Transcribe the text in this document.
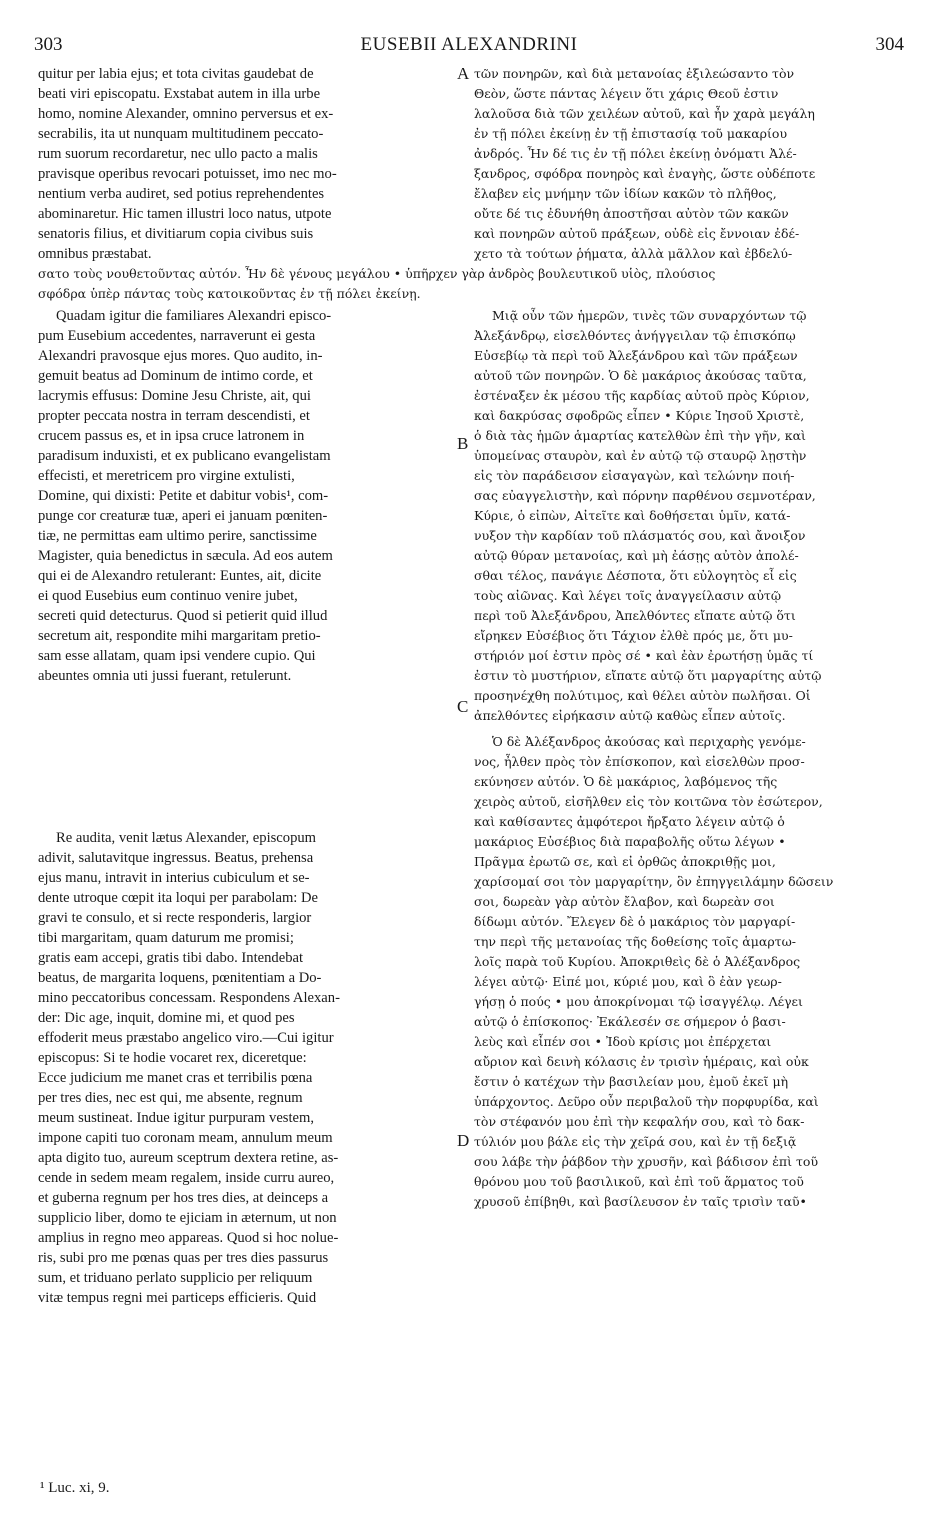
303	EUSEBII ALEXANDRINI	304
quitur per labia ejus; et tota civitas gaudebat de
beati viri episcopatu. Exstabat autem in illa urbe
homo, nomine Alexander, omnino perversus et ex-
secrabilis, ita ut nunquam multitudinem peccato-
rum suorum recordaretur, nec ullo pacto a malis
pravisque operibus revocari potuisset, imo nec mo-
nentium verba audiret, sed potius reprehendentes
abominaretur. Hic tamen illustri loco natus, utpote
senatoris filius, et divitiarum copia civibus suis
omnibus præstabat.
τῶν πονηρῶν, καὶ διὰ μετανοίας ἐξιλεώσαντο τὸν
Θεὸν, ὥστε πάντας λέγειν ὅτι χάρις Θεοῦ ἐστιν
λαλοῦσα διὰ τῶν χειλέων αὐτοῦ, καὶ ἦν χαρὰ μεγάλη
ἐν τῇ πόλει ἐκείνῃ ἐν τῇ ἐπιστασίᾳ τοῦ μακαρίου
ἀνδρός. Ἦν δέ τις ἐν τῇ πόλει ἐκείνῃ ὀνόματι Ἀλέ-
ξανδρος, σφόδρα πονηρὸς καὶ ἐναγὴς, ὥστε οὐδέποτε
ἔλαβεν εἰς μνήμην τῶν ἰδίων κακῶν τὸ πλῆθος,
οὔτε δέ τις ἐδυνήθη ἀποστῆσαι αὐτὸν τῶν κακῶν
καὶ πονηρῶν αὐτοῦ πράξεων, οὐδὲ εἰς ἔννοιαν ἐδέ-
χετο τὰ τούτων ῥήματα, ἀλλὰ μᾶλλον καὶ ἐβδελύ-
σατο τοὺς νουθετοῦντας αὐτόν. Ἦν δὲ γένους μεγάλου • ὑπῆρχεν γὰρ ἀνδρὸς βουλευτικοῦ υἱὸς, πλούσιος
σφόδρα ὑπὲρ πάντας τοὺς κατοικοῦντας ἐν τῇ πόλει ἐκείνῃ.
Quadam igitur die familiares Alexandri episco-
pum Eusebium accedentes, narraverunt ei gesta
Alexandri pravosque ejus mores. Quo audito, in-
gemuit beatus ad Dominum de intimo corde, et
lacrymis effusus: Domine Jesu Christe, ait, qui
propter peccata nostra in terram descendisti, et
crucem passus es, et in ipsa cruce latronem in
paradisum induxisti, et ex publicano evangelistam
effecisti, et meretricem pro virgine extulisti,
Domine, qui dixisti: Petite et dabitur vobis¹, com-
punge cor creaturæ tuæ, aperi ei januam pœniten-
tiæ, ne permittas eam ultimo perire, sanctissime
Magister, quia benedictus in sæcula. Ad eos autem
qui ei de Alexandro retulerant: Euntes, ait, dicite
ei quod Eusebius eum continuo venire jubet,
secreti quid detecturus. Quod si petierit quid illud
secretum ait, respondite mihi margaritam pretio-
sam esse allatam, quam ipsi vendere cupio. Qui
abeuntes omnia uti jussi fuerant, retulerunt.
Μιᾷ οὖν τῶν ἡμερῶν, τινὲς τῶν συναρχόντων τῷ
Ἀλεξάνδρῳ, εἰσελθόντες ἀνήγγειλαν τῷ ἐπισκόπῳ
Εὐσεβίῳ τὰ περὶ τοῦ Ἀλεξάνδρου καὶ τῶν πράξεων
αὐτοῦ τῶν πονηρῶν. Ὁ δὲ μακάριος ἀκούσας ταῦτα,
ἐστέναξεν ἐκ μέσου τῆς καρδίας αὐτοῦ πρὸς Κύριον,
καὶ δακρύσας σφοδρῶς εἶπεν • Κύριε Ἰησοῦ Χριστὲ,
ὁ διὰ τὰς ἡμῶν ἁμαρτίας κατελθὼν ἐπὶ τὴν γῆν, καὶ
ὑπομείνας σταυρὸν, καὶ ἐν αὐτῷ τῷ σταυρῷ λῃστὴν
εἰς τὸν παράδεισον εἰσαγαγὼν, καὶ τελώνην ποιή-
σας εὐαγγελιστὴν, καὶ πόρνην παρθένου σεμνοτέραν,
Κύριε, ὁ εἰπὼν, Αἰτεῖτε καὶ δοθήσεται ὑμῖν, κατά-
νυξον τὴν καρδίαν τοῦ πλάσματός σου, καὶ ἄνοιξον
αὐτῷ θύραν μετανοίας, καὶ μὴ ἐάσῃς αὐτὸν ἀπολέ-
σθαι τέλος, πανάγιε Δέσποτα, ὅτι εὐλογητὸς εἶ εἰς
τοὺς αἰῶνας. Καὶ λέγει τοῖς ἀναγγείλασιν αὐτῷ
περὶ τοῦ Ἀλεξάνδρου, Ἀπελθόντες εἴπατε αὐτῷ ὅτι
εἴρηκεν Εὐσέβιος ὅτι Τάχιον ἐλθὲ πρός με, ὅτι μυ-
στήριόν μοί ἐστιν πρὸς σέ • καὶ ἐὰν ἐρωτήσῃ ὑμᾶς τί
ἐστιν τὸ μυστήριον, εἴπατε αὐτῷ ὅτι μαργαρίτης αὐτῷ
προσηνέχθη πολύτιμος, καὶ θέλει αὐτὸν πωλῆσαι. Οἱ
ἀπελθόντες εἰρήκασιν αὐτῷ καθὼς εἶπεν αὐτοῖς.
Re audita, venit lætus Alexander, episcopum
adivit, salutavitque ingressus. Beatus, prehensa
ejus manu, intravit in interius cubiculum et se-
dente utroque cœpit ita loqui per parabolam: De
gravi te consulo, et si recte responderis, largior
tibi margaritam, quam daturum me promisi;
gratis eam accepi, gratis tibi dabo. Intendebat
beatus, de margarita loquens, pœnitentiam a Do-
mino peccatoribus concessam. Respondens Alexan-
der: Dic age, inquit, domine mi, et quod pes
effoderit meus præstabo angelico viro.—Cui igitur
episcopus: Si te hodie vocaret rex, diceretque:
Ecce judicium me manet cras et terribilis pœna
per tres dies, nec est qui, me absente, regnum
meum sustineat. Indue igitur purpuram vestem,
impone capiti tuo coronam meam, annulum meum
apta digito tuo, aureum sceptrum dextera retine, as-
cende in sedem meam regalem, inside curru aureo,
et guberna regnum per hos tres dies, at deinceps a
supplicio liber, domo te ejiciam in æternum, ut non
amplius in regno meo appareas. Quod si hoc nolue-
ris, subi pro me pœnas quas per tres dies passurus
sum, et triduano perlato supplicio per reliquum
vitæ tempus regni mei particeps efficieris. Quid
Ὁ δὲ Ἀλέξανδρος ἀκούσας καὶ περιχαρὴς γενόμε-
νος, ἦλθεν πρὸς τὸν ἐπίσκοπον, καὶ εἰσελθὼν προσ-
εκύνησεν αὐτόν. Ὁ δὲ μακάριος, λαβόμενος τῆς
χειρὸς αὐτοῦ, εἰσῆλθεν εἰς τὸν κοιτῶνα τὸν ἐσώτερον,
καὶ καθίσαντες ἀμφότεροι ἤρξατο λέγειν αὐτῷ ὁ
μακάριος Εὐσέβιος διὰ παραβολῆς οὕτω λέγων •
Πρᾶγμα ἐρωτῶ σε, καὶ εἰ ὀρθῶς ἀποκριθῇς μοι,
χαρίσομαί σοι τὸν μαργαρίτην, ὃν ἐπηγγειλάμην δῶσειν
σοι, δωρεὰν γὰρ αὐτὸν ἔλαβον, καὶ δωρεὰν σοι
δίδωμι αὐτόν. Ἔλεγεν δὲ ὁ μακάριος τὸν μαργαρί-
την περὶ τῆς μετανοίας τῆς δοθείσης τοῖς ἁμαρτω-
λοῖς παρὰ τοῦ Κυρίου. Ἀποκριθεὶς δὲ ὁ Ἀλέξανδρος
λέγει αὐτῷ· Εἰπέ μοι, κύριέ μου, καὶ ὃ ἐὰν γεωρ-
γήσῃ ὁ πούς • μου ἀποκρίνομαι τῷ ἰσαγγέλῳ. Λέγει
αὐτῷ ὁ ἐπίσκοπος· Ἐκάλεσέν σε σήμερον ὁ βασι-
λεὺς καὶ εἶπέν σοι • Ἰδοὺ κρίσις μοι ἐπέρχεται
αὔριον καὶ δεινὴ κόλασις ἐν τρισὶν ἡμέραις, καὶ οὐκ
ἔστιν ὁ κατέχων τὴν βασιλείαν μου, ἐμοῦ ἐκεῖ μὴ
ὑπάρχοντος. Δεῦρο οὖν περιβαλοῦ τὴν πορφυρίδα, καὶ
τὸν στέφανόν μου ἐπὶ τὴν κεφαλήν σου, καὶ τὸ δακ-
τύλιόν μου βάλε εἰς τὴν χεῖρά σου, καὶ ἐν τῇ δεξιᾷ
σου λάβε τὴν ῥάβδον τὴν χρυσῆν, καὶ βάδισον ἐπὶ τοῦ
θρόνου μου τοῦ βασιλικοῦ, καὶ ἐπὶ τοῦ ἅρματος τοῦ
χρυσοῦ ἐπίβηθι, καὶ βασίλευσον ἐν ταῖς τρισὶν ταῦ•
A
B
C
D
¹ Luc. xi, 9.
